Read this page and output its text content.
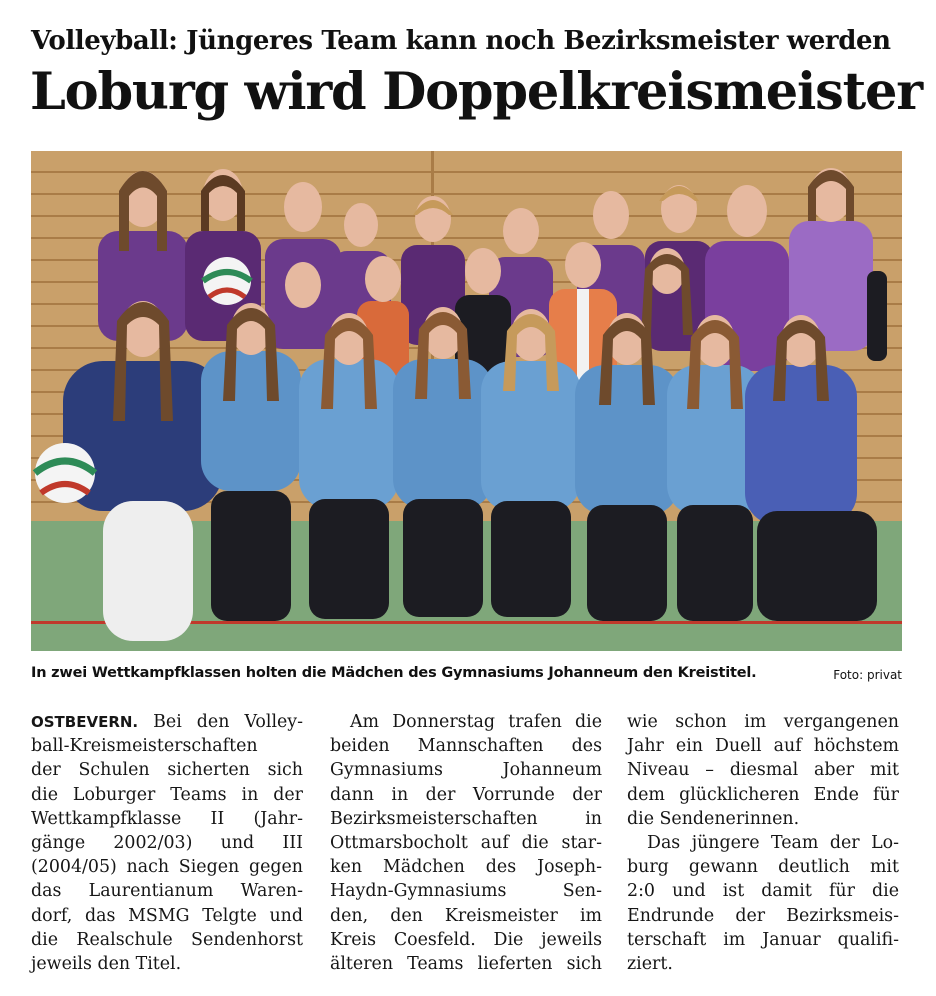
Volleyball: Jüngeres Team kann noch Bezirksmeister werden
Loburg wird Doppelkreismeister
In zwei Wettkampfklassen holten die Mädchen des Gymnasiums Johanneum den Kreistitel.	Foto: privat
OSTBEVERN. Bei den Volley-
ball-Kreismeisterschaften
der Schulen sicherten sich
die Loburger Teams in der
Wettkampfklasse II (Jahr-
gänge 2002/03) und III
(2004/05) nach Siegen gegen
das Laurentianum Waren-
dorf, das MSMG Telgte und
die Realschule Sendenhorst
jeweils den Titel.
Am Donnerstag trafen die
beiden Mannschaften des
Gymnasiums Johanneum
dann in der Vorrunde der
Bezirksmeisterschaften in
Ottmarsbocholt auf die star-
ken Mädchen des Joseph-
Haydn-Gymnasiums Sen-
den, den Kreismeister im
Kreis Coesfeld. Die jeweils
älteren Teams lieferten sich
wie schon im vergangenen
Jahr ein Duell auf höchstem
Niveau – diesmal aber mit
dem glücklicheren Ende für
die Sendenerinnen.
Das jüngere Team der Lo-
burg gewann deutlich mit
2:0 und ist damit für die
Endrunde der Bezirksmeis-
terschaft im Januar qualifi-
ziert.
